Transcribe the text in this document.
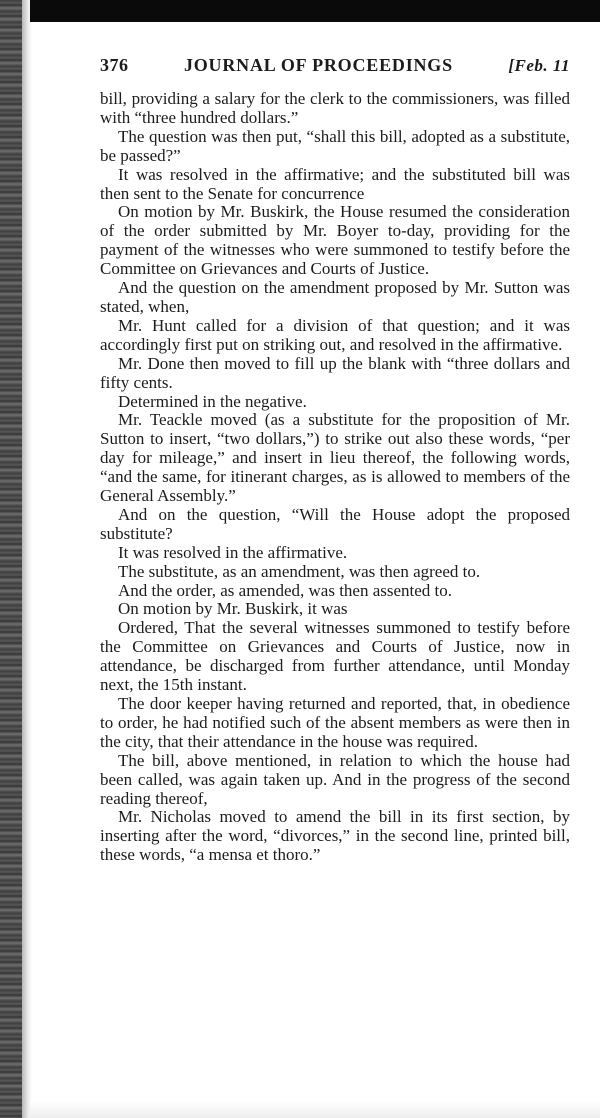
376	JOURNAL OF PROCEEDINGS	[Feb. 11

bill, providing a salary for the clerk to the commissioners, was filled with “three hundred dollars.”

The question was then put, “shall this bill, adopted as a substitute, be passed?”

It was resolved in the affirmative; and the substituted bill was then sent to the Senate for concurrence

On motion by Mr. Buskirk, the House resumed the consideration of the order submitted by Mr. Boyer to-day, providing for the payment of the witnesses who were summoned to testify before the Committee on Grievances and Courts of Justice.

And the question on the amendment proposed by Mr. Sutton was stated, when,

Mr. Hunt called for a division of that question; and it was accordingly first put on striking out, and resolved in the affirmative.

Mr. Done then moved to fill up the blank with “three dollars and fifty cents.

Determined in the negative.

Mr. Teackle moved (as a substitute for the proposition of Mr. Sutton to insert, “two dollars,”) to strike out also these words, “per day for mileage,” and insert in lieu thereof, the following words, “and the same, for itinerant charges, as is allowed to members of the General Assembly.”

And on the question, “Will the House adopt the proposed substitute?

It was resolved in the affirmative.

The substitute, as an amendment, was then agreed to.

And the order, as amended, was then assented to.

On motion by Mr. Buskirk, it was

Ordered, That the several witnesses summoned to testify before the Committee on Grievances and Courts of Justice, now in attendance, be discharged from further attendance, until Monday next, the 15th instant.

The door keeper having returned and reported, that, in obedience to order, he had notified such of the absent members as were then in the city, that their attendance in the house was required.

The bill, above mentioned, in relation to which the house had been called, was again taken up. And in the progress of the second reading thereof,

Mr. Nicholas moved to amend the bill in its first section, by inserting after the word, “divorces,” in the second line, printed bill, these words, “a mensa et thoro.”
